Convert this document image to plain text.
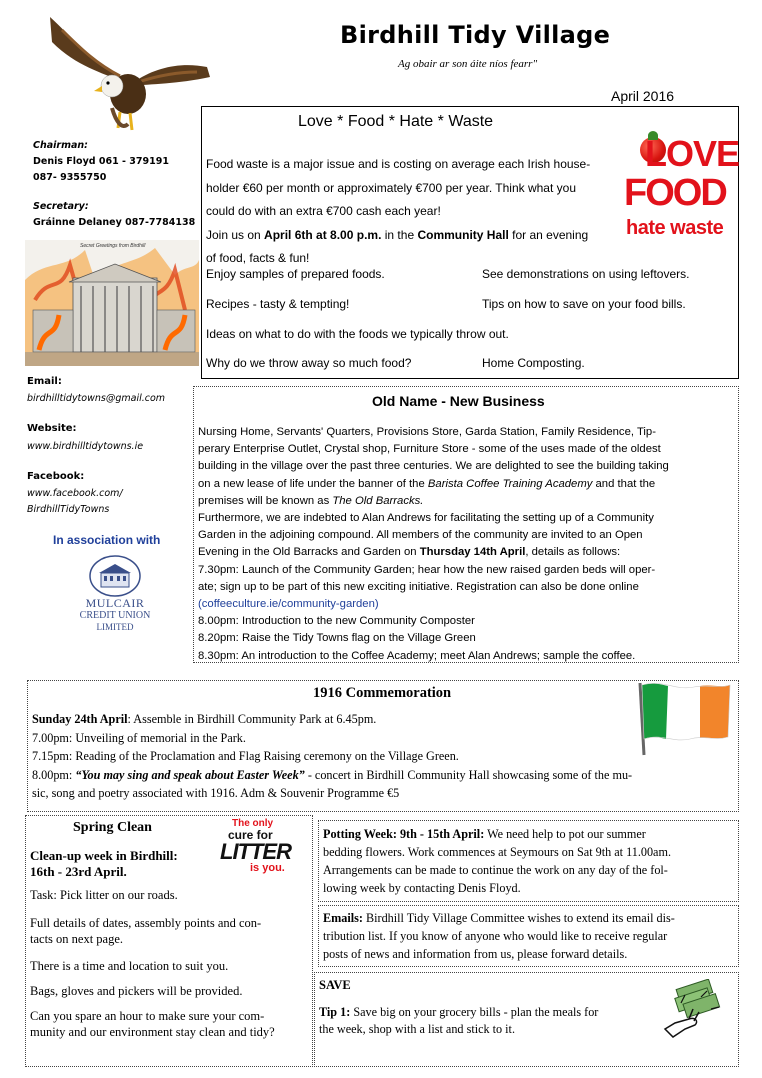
Birdhill Tidy Village
Ag obair ar son áite níos fearr"
April 2016
Chairman:
Denis Floyd 061 - 379191
087- 9355750
Secretary:
Gráinne Delaney 087-7784138
Secret Greetings from Birdhill
Email:
birdhilltidytowns@gmail.com
Website:
www.birdhilltidytowns.ie
Facebook:
www.facebook.com/
BirdhillTidyTowns
In association with
MULCAIR
CREDIT UNION
LIMITED
Love * Food * Hate * Waste
Food waste is a major issue and is costing on average each Irish house-
holder €60 per month or approximately €700 per year. Think what you
could do with an extra €700 cash each year!
Join us on April 6th at 8.00 p.m. in the Community Hall for an evening
of food, facts & fun!
Enjoy samples of prepared foods.	See demonstrations on using leftovers.
Recipes - tasty & tempting!	Tips on how to save on your food bills.
Ideas on what to do with the foods we typically throw out.
Why do we throw away so much food?	Home Composting.
LOVE
FOOD
hate waste
Old Name - New Business
Nursing Home, Servants' Quarters, Provisions Store, Garda Station, Family Residence, Tip-
perary Enterprise Outlet, Crystal shop, Furniture Store - some of the uses made of the oldest
building in the village over the past three centuries. We are delighted to see the building taking
on a new lease of life under the banner of the Barista Coffee Training Academy and that the
premises will be known as The Old Barracks.
Furthermore, we are indebted to Alan Andrews for facilitating the setting up of a Community
Garden in the adjoining compound. All members of the community are invited to an Open
Evening in the Old Barracks and Garden on Thursday 14th April, details as follows:
7.30pm: Launch of the Community Garden; hear how the new raised garden beds will oper-
ate; sign up to be part of this new exciting initiative. Registration can also be done online
(coffeeculture.ie/community-garden)
8.00pm: Introduction to the new Community Composter
8.20pm: Raise the Tidy Towns flag on the Village Green
8.30pm: An introduction to the Coffee Academy; meet Alan Andrews; sample the coffee.
1916 Commemoration
Sunday 24th April: Assemble in Birdhill Community Park at 6.45pm.
7.00pm: Unveiling of memorial in the Park.
7.15pm: Reading of the Proclamation and Flag Raising ceremony on the Village Green.
8.00pm: “You may sing and speak about Easter Week” - concert in Birdhill Community Hall showcasing some of the mu-
sic, song and poetry associated with 1916. Adm & Souvenir Programme €5
Spring Clean
Clean-up week in Birdhill:
16th - 23rd April.
Task: Pick litter on our roads.
Full details of dates, assembly points and con-
tacts on next page.
There is a time and location to suit you.
Bags, gloves and pickers will be provided.
Can you spare an hour to make sure your com-
munity and our environment stay clean and tidy?
The only
cure for
LITTER
is you.
Potting Week: 9th - 15th April: We need help to pot our summer
bedding flowers. Work commences at Seymours on Sat 9th at 11.00am.
Arrangements can be made to continue the work on any day of the fol-
lowing week by contacting Denis Floyd.
Emails: Birdhill Tidy Village Committee wishes to extend its email dis-
tribution list. If you know of anyone who would like to receive regular
posts of news and information from us, please forward details.
SAVE
Tip 1: Save big on your grocery bills - plan the meals for
the week, shop with a list and stick to it.
